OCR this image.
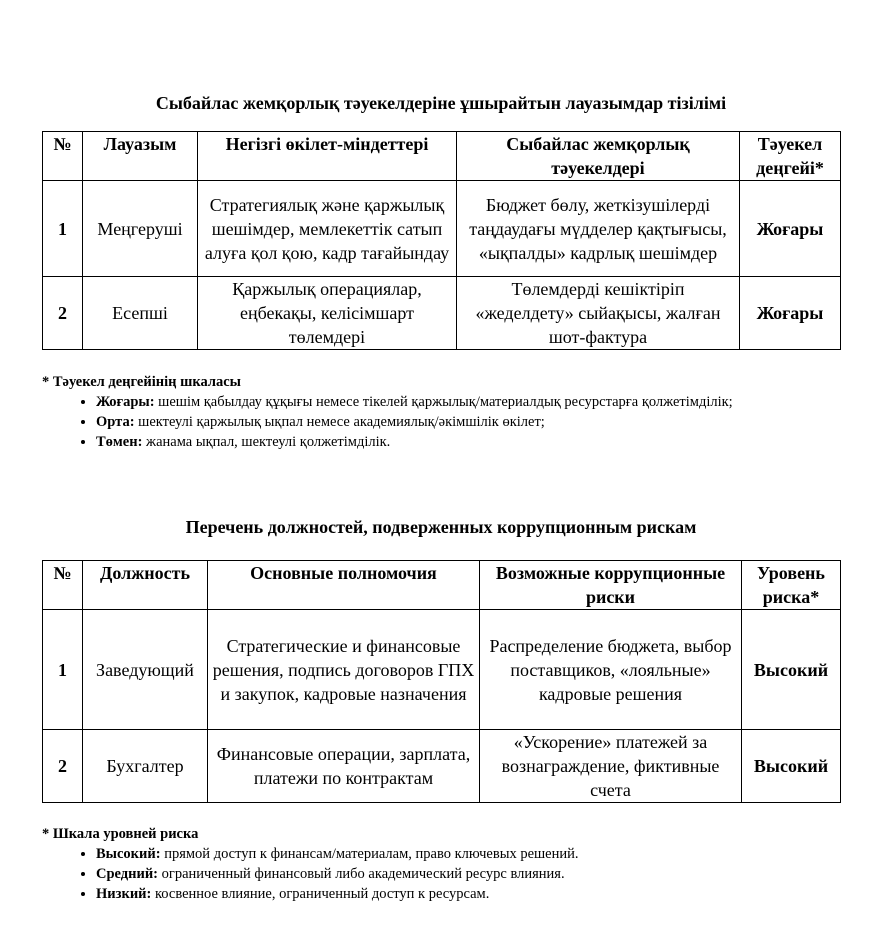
Сыбайлас жемқорлық тәуекелдеріне ұшырайтын лауазымдар тізілімі
№	Лауазым	Негізгі өкілет-міндеттері	Сыбайлас жемқорлық тәуекелдері	Тәуекел деңгейі*
1	Меңгеруші	Стратегиялық және қаржылық шешімдер, мемлекеттік сатып алуға қол қою, кадр тағайындау	Бюджет бөлу, жеткізушілерді таңдаудағы мүдделер қақтығысы, «ықпалды» кадрлық шешімдер	Жоғары
2	Есепші	Қаржылық операциялар, еңбекақы, келісімшарт төлемдері	Төлемдерді кешіктіріп «жеделдету» сыйақысы, жалған шот-фактура	Жоғары
* Тәуекел деңгейінің шкаласы
• Жоғары: шешім қабылдау құқығы немесе тікелей қаржылық/материалдық ресурстарға қолжетімділік;
• Орта: шектеулі қаржылық ықпал немесе академиялық/әкімшілік өкілет;
• Төмен: жанама ықпал, шектеулі қолжетімділік.
Перечень должностей, подверженных коррупционным рискам
№	Должность	Основные полномочия	Возможные коррупционные риски	Уровень риска*
1	Заведующий	Стратегические и финансовые решения, подпись договоров ГПХ и закупок, кадровые назначения	Распределение бюджета, выбор поставщиков, «лояльные» кадровые решения	Высокий
2	Бухгалтер	Финансовые операции, зарплата, платежи по контрактам	«Ускорение» платежей за вознаграждение, фиктивные счета	Высокий
* Шкала уровней риска
• Высокий: прямой доступ к финансам/материалам, право ключевых решений.
• Средний: ограниченный финансовый либо академический ресурс влияния.
• Низкий: косвенное влияние, ограниченный доступ к ресурсам.
